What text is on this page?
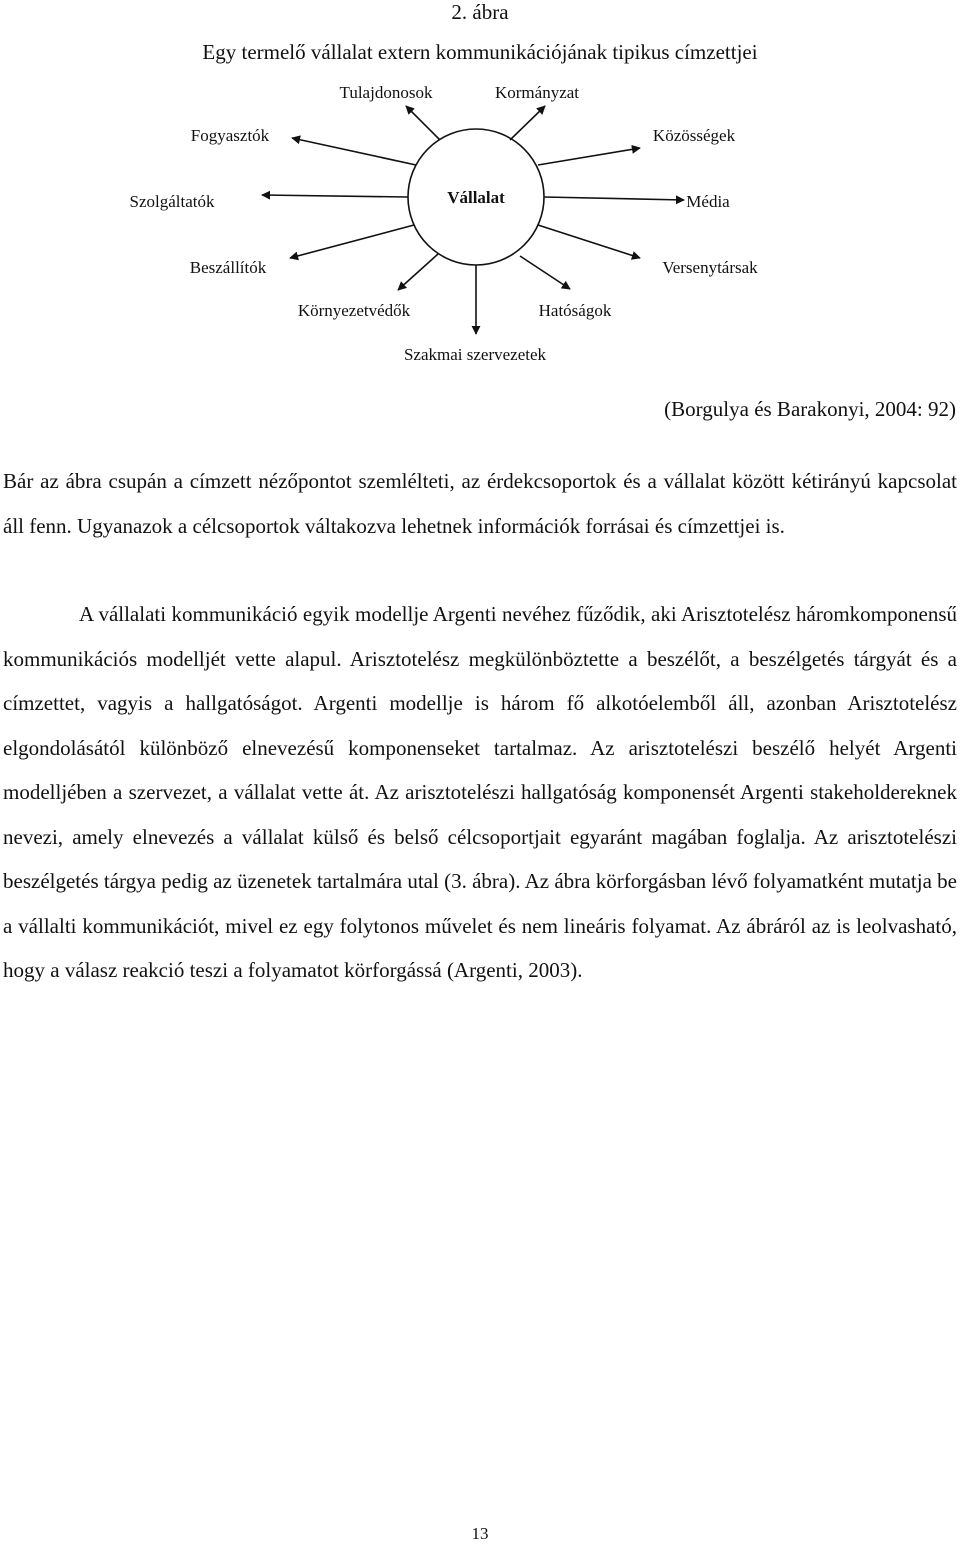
2. ábra
Egy termelő vállalat extern kommunikációjának tipikus címzettjei
Vállalat
Tulajdonosok	Kormányzat
Fogyasztók	Közösségek
Szolgáltatók	Média
Beszállítók	Versenytársak
Környezetvédők	Hatóságok
Szakmai szervezetek
(Borgulya és Barakonyi, 2004: 92)

Bár az ábra csupán a címzett nézőpontot szemlélteti, az érdekcsoportok és a vállalat között kétirányú kapcsolat áll fenn. Ugyanazok a célcsoportok váltakozva lehetnek információk forrásai és címzettjei is.

A vállalati kommunikáció egyik modellje Argenti nevéhez fűződik, aki Arisztotelész háromkomponensű kommunikációs modelljét vette alapul. Arisztotelész megkülönböztette a beszélőt, a beszélgetés tárgyát és a címzettet, vagyis a hallgatóságot. Argenti modellje is három fő alkotóelemből áll, azonban Arisztotelész elgondolásától különböző elnevezésű komponenseket tartalmaz. Az arisztotelészi beszélő helyét Argenti modelljében a szervezet, a vállalat vette át. Az arisztotelészi hallgatóság komponensét Argenti stakeholdereknek nevezi, amely elnevezés a vállalat külső és belső célcsoportjait egyaránt magában foglalja. Az arisztotelészi beszélgetés tárgya pedig az üzenetek tartalmára utal (3. ábra). Az ábra körforgásban lévő folyamatként mutatja be a vállalti kommunikációt, mivel ez egy folytonos művelet és nem lineáris folyamat. Az ábráról az is leolvasható, hogy a válasz reakció teszi a folyamatot körforgássá (Argenti, 2003).

13
